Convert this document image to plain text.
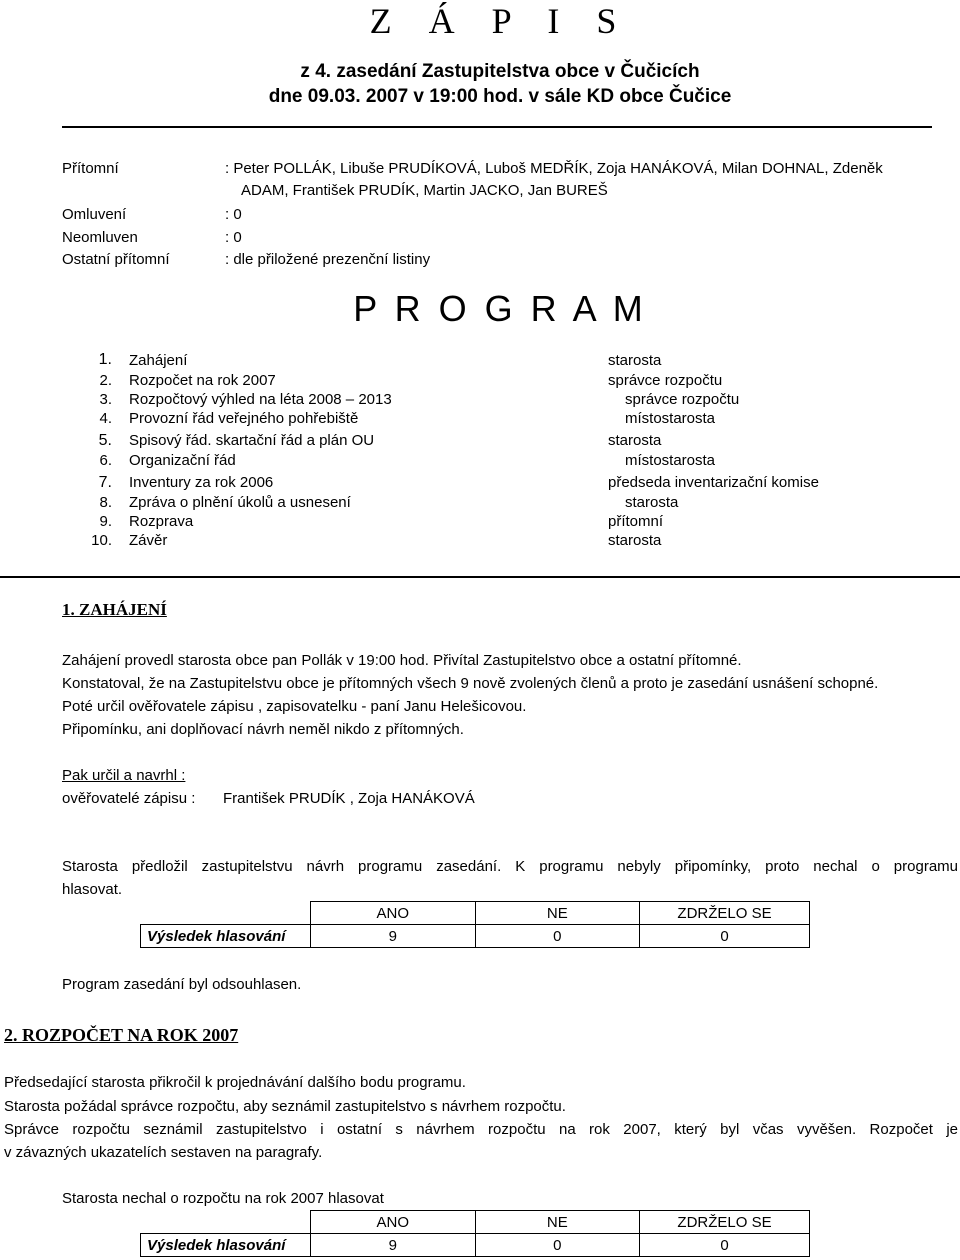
Z Á P I S
z 4. zasedání Zastupitelstva obce v Čučicích
dne 09.03. 2007 v 19:00 hod. v sále KD obce Čučice
Přítomní	: Peter POLLÁK, Libuše PRUDÍKOVÁ, Luboš MEDŘÍK, Zoja HANÁKOVÁ, Milan DOHNAL, Zdeněk
ADAM, František PRUDÍK, Martin JACKO, Jan BUREŠ
Omluvení	: 0
Neomluven	: 0
Ostatní přítomní	: dle přiložené prezenční listiny
P R O G R A M
1. Zahájení	starosta
2. Rozpočet na rok 2007	správce rozpočtu
3. Rozpočtový výhled na léta 2008 – 2013	správce rozpočtu
4. Provozní řád veřejného pohřebiště	místostarosta
5. Spisový řád. skartační řád a plán OU	starosta
6. Organizační řád	místostarosta
7. Inventury za rok 2006	předseda inventarizační komise
8. Zpráva o plnění úkolů a usnesení	starosta
9. Rozprava	přítomní
10. Závěr	starosta
1. ZAHÁJENÍ
Zahájení provedl starosta obce pan Pollák v 19:00 hod. Přivítal Zastupitelstvo obce a ostatní přítomné.
Konstatoval, že na Zastupitelstvu obce je přítomných všech 9 nově zvolených členů a proto je zasedání usnášení schopné.
Poté určil ověřovatele zápisu , zapisovatelku - paní Janu Helešicovou.
Připomínku, ani doplňovací návrh neměl nikdo z přítomných.
Pak určil a navrhl :
ověřovatelé zápisu : František PRUDÍK , Zoja HANÁKOVÁ
Starosta předložil zastupitelstvu návrh programu zasedání. K programu nebyly připomínky, proto nechal o programu
hlasovat.
	ANO	NE	ZDRŽELO SE
Výsledek hlasování	9	0	0
Program zasedání byl odsouhlasen.
2. ROZPOČET NA ROK 2007
Předsedající starosta přikročil k projednávání dalšího bodu programu.
Starosta požádal správce rozpočtu, aby seznámil zastupitelstvo s návrhem rozpočtu.
Správce rozpočtu seznámil zastupitelstvo i ostatní s návrhem rozpočtu na rok 2007, který byl včas vyvěšen. Rozpočet je
v závazných ukazatelích sestaven na paragrafy.
Starosta nechal o rozpočtu na rok 2007 hlasovat
	ANO	NE	ZDRŽELO SE
Výsledek hlasování	9	0	0
